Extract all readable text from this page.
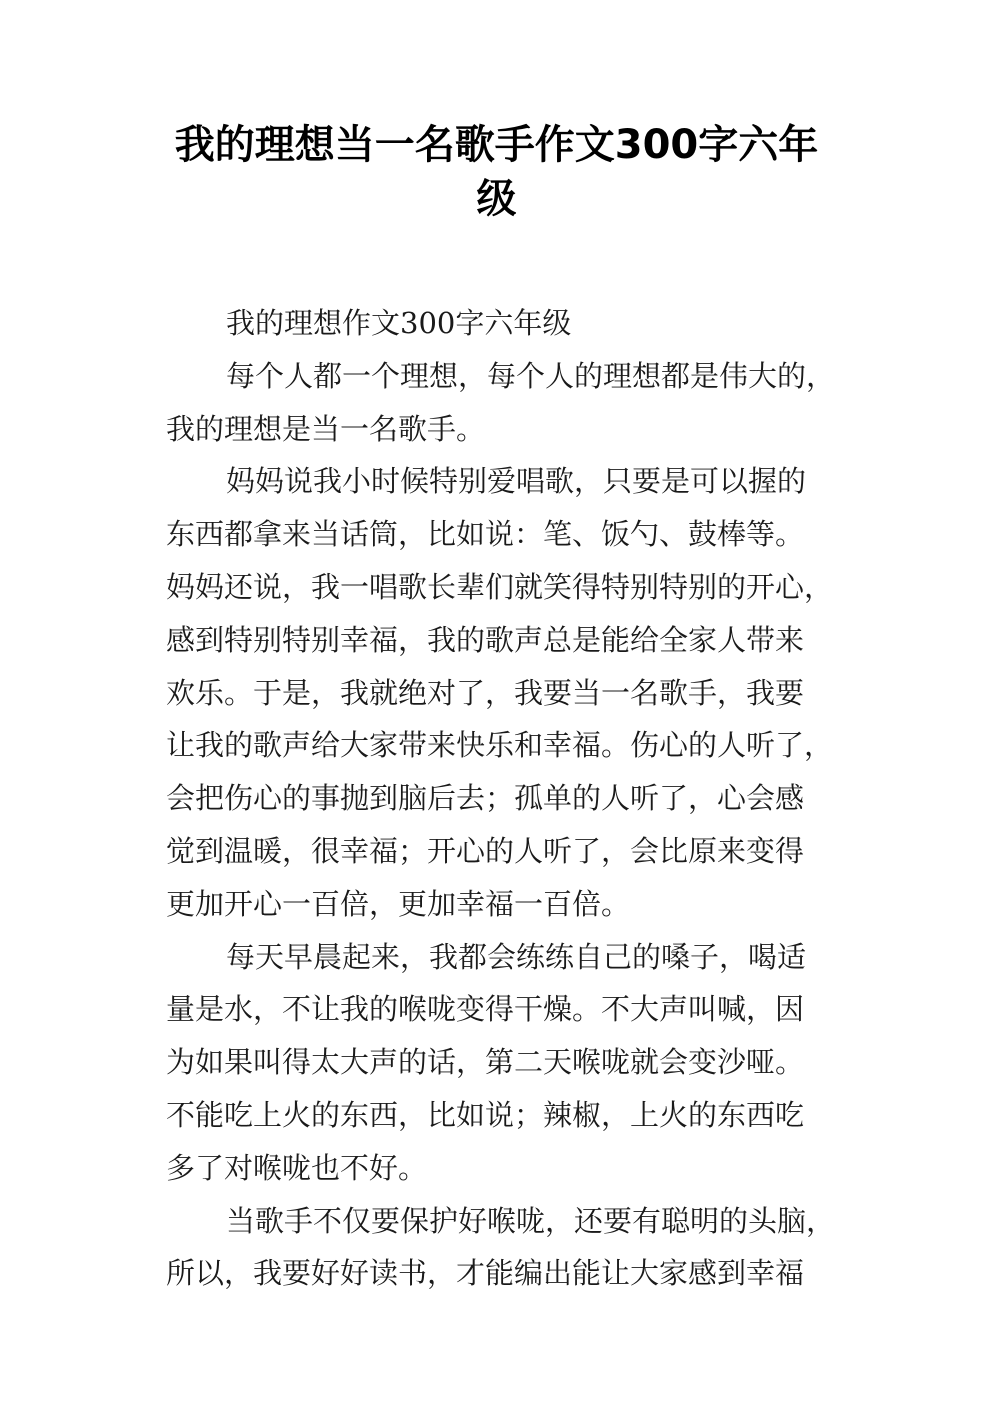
我的理想当一名歌手作文300字六年
级
我的理想作文300字六年级
每个人都一个理想，每个人的理想都是伟大的，
我的理想是当一名歌手。
妈妈说我小时候特别爱唱歌，只要是可以握的
东西都拿来当话筒，比如说：笔、饭勺、鼓棒等。
妈妈还说，我一唱歌长辈们就笑得特别特别的开心，
感到特别特别幸福，我的歌声总是能给全家人带来
欢乐。于是，我就绝对了，我要当一名歌手，我要
让我的歌声给大家带来快乐和幸福。伤心的人听了，
会把伤心的事抛到脑后去；孤单的人听了，心会感
觉到温暖，很幸福；开心的人听了，会比原来变得
更加开心一百倍，更加幸福一百倍。
每天早晨起来，我都会练练自己的嗓子，喝适
量是水，不让我的喉咙变得干燥。不大声叫喊，因
为如果叫得太大声的话，第二天喉咙就会变沙哑。
不能吃上火的东西，比如说；辣椒，上火的东西吃
多了对喉咙也不好。
当歌手不仅要保护好喉咙，还要有聪明的头脑，
所以，我要好好读书，才能编出能让大家感到幸福
